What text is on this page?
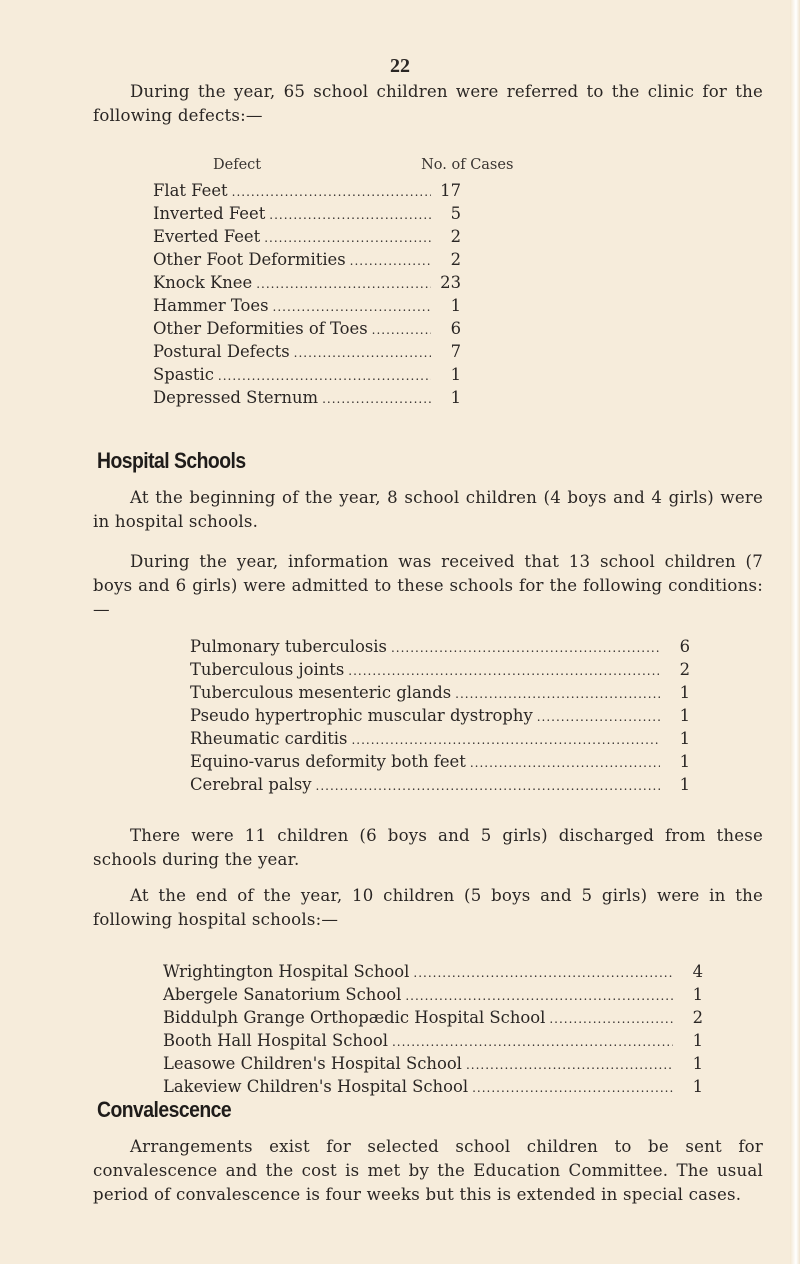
22

During the year, 65 school children were referred to the clinic for the following defects:—

Defect	No. of Cases
Flat Feet .....	17
Inverted Feet .....	5
Everted Feet .....	2
Other Foot Deformities .....	2
Knock Knee .....	23
Hammer Toes .....	1
Other Deformities of Toes .....	6
Postural Defects .....	7
Spastic .....	1
Depressed Sternum .....	1
Hospital Schools

At the beginning of the year, 8 school children (4 boys and 4 girls) were in hospital schools.

During the year, information was received that 13 school children (7 boys and 6 girls) were admitted to these schools for the following conditions:—

Pulmonary tuberculosis .....	6
Tuberculous joints .....	2
Tuberculous mesenteric glands .....	1
Pseudo hypertrophic muscular dystrophy .....	1
Rheumatic carditis .....	1
Equino-varus deformity both feet .....	1
Cerebral palsy .....	1

There were 11 children (6 boys and 5 girls) discharged from these schools during the year.

At the end of the year, 10 children (5 boys and 5 girls) were in the following hospital schools:—

Wrightington Hospital School .....	4
Abergele Sanatorium School .....	1
Biddulph Grange Orthopædic Hospital School .....	2
Booth Hall Hospital School .....	1
Leasowe Children's Hospital School .....	1
Lakeview Children's Hospital School .....	1
Convalescence

Arrangements exist for selected school children to be sent for convalescence and the cost is met by the Education Committee. The usual period of convalescence is four weeks but this is extended in special cases.
